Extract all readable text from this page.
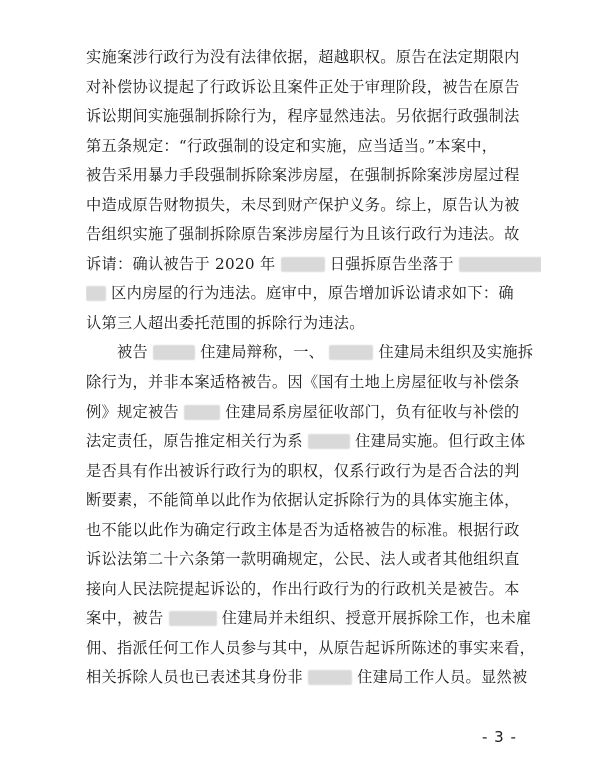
实施案涉行政行为没有法律依据，超越职权。原告在法定期限内
对补偿协议提起了行政诉讼且案件正处于审理阶段，被告在原告
诉讼期间实施强制拆除行为，程序显然违法。另依据行政强制法
第五条规定：“行政强制的设定和实施，应当适当。”本案中，
被告采用暴力手段强制拆除案涉房屋，在强制拆除案涉房屋过程
中造成原告财物损失，未尽到财产保护义务。综上，原告认为被
告组织实施了强制拆除原告案涉房屋行为且该行政行为违法。故
诉请：确认被告于 2020 年	日强拆原告坐落于
区内房屋的行为违法。庭审中，原告增加诉讼请求如下：确
认第三人超出委托范围的拆除行为违法。
被告	住建局辩称，一、	住建局未组织及实施拆
除行为，并非本案适格被告。因《国有土地上房屋征收与补偿条
例》规定被告	住建局系房屋征收部门，负有征收与补偿的
法定责任，原告推定相关行为系	住建局实施。但行政主体
是否具有作出被诉行政行为的职权，仅系行政行为是否合法的判
断要素，不能简单以此作为依据认定拆除行为的具体实施主体，
也不能以此作为确定行政主体是否为适格被告的标准。根据行政
诉讼法第二十六条第一款明确规定，公民、法人或者其他组织直
接向人民法院提起诉讼的，作出行政行为的行政机关是被告。本
案中，被告	住建局并未组织、授意开展拆除工作，也未雇
佣、指派任何工作人员参与其中，从原告起诉所陈述的事实来看，
相关拆除人员也已表述其身份非	住建局工作人员。显然被
- 3 -
